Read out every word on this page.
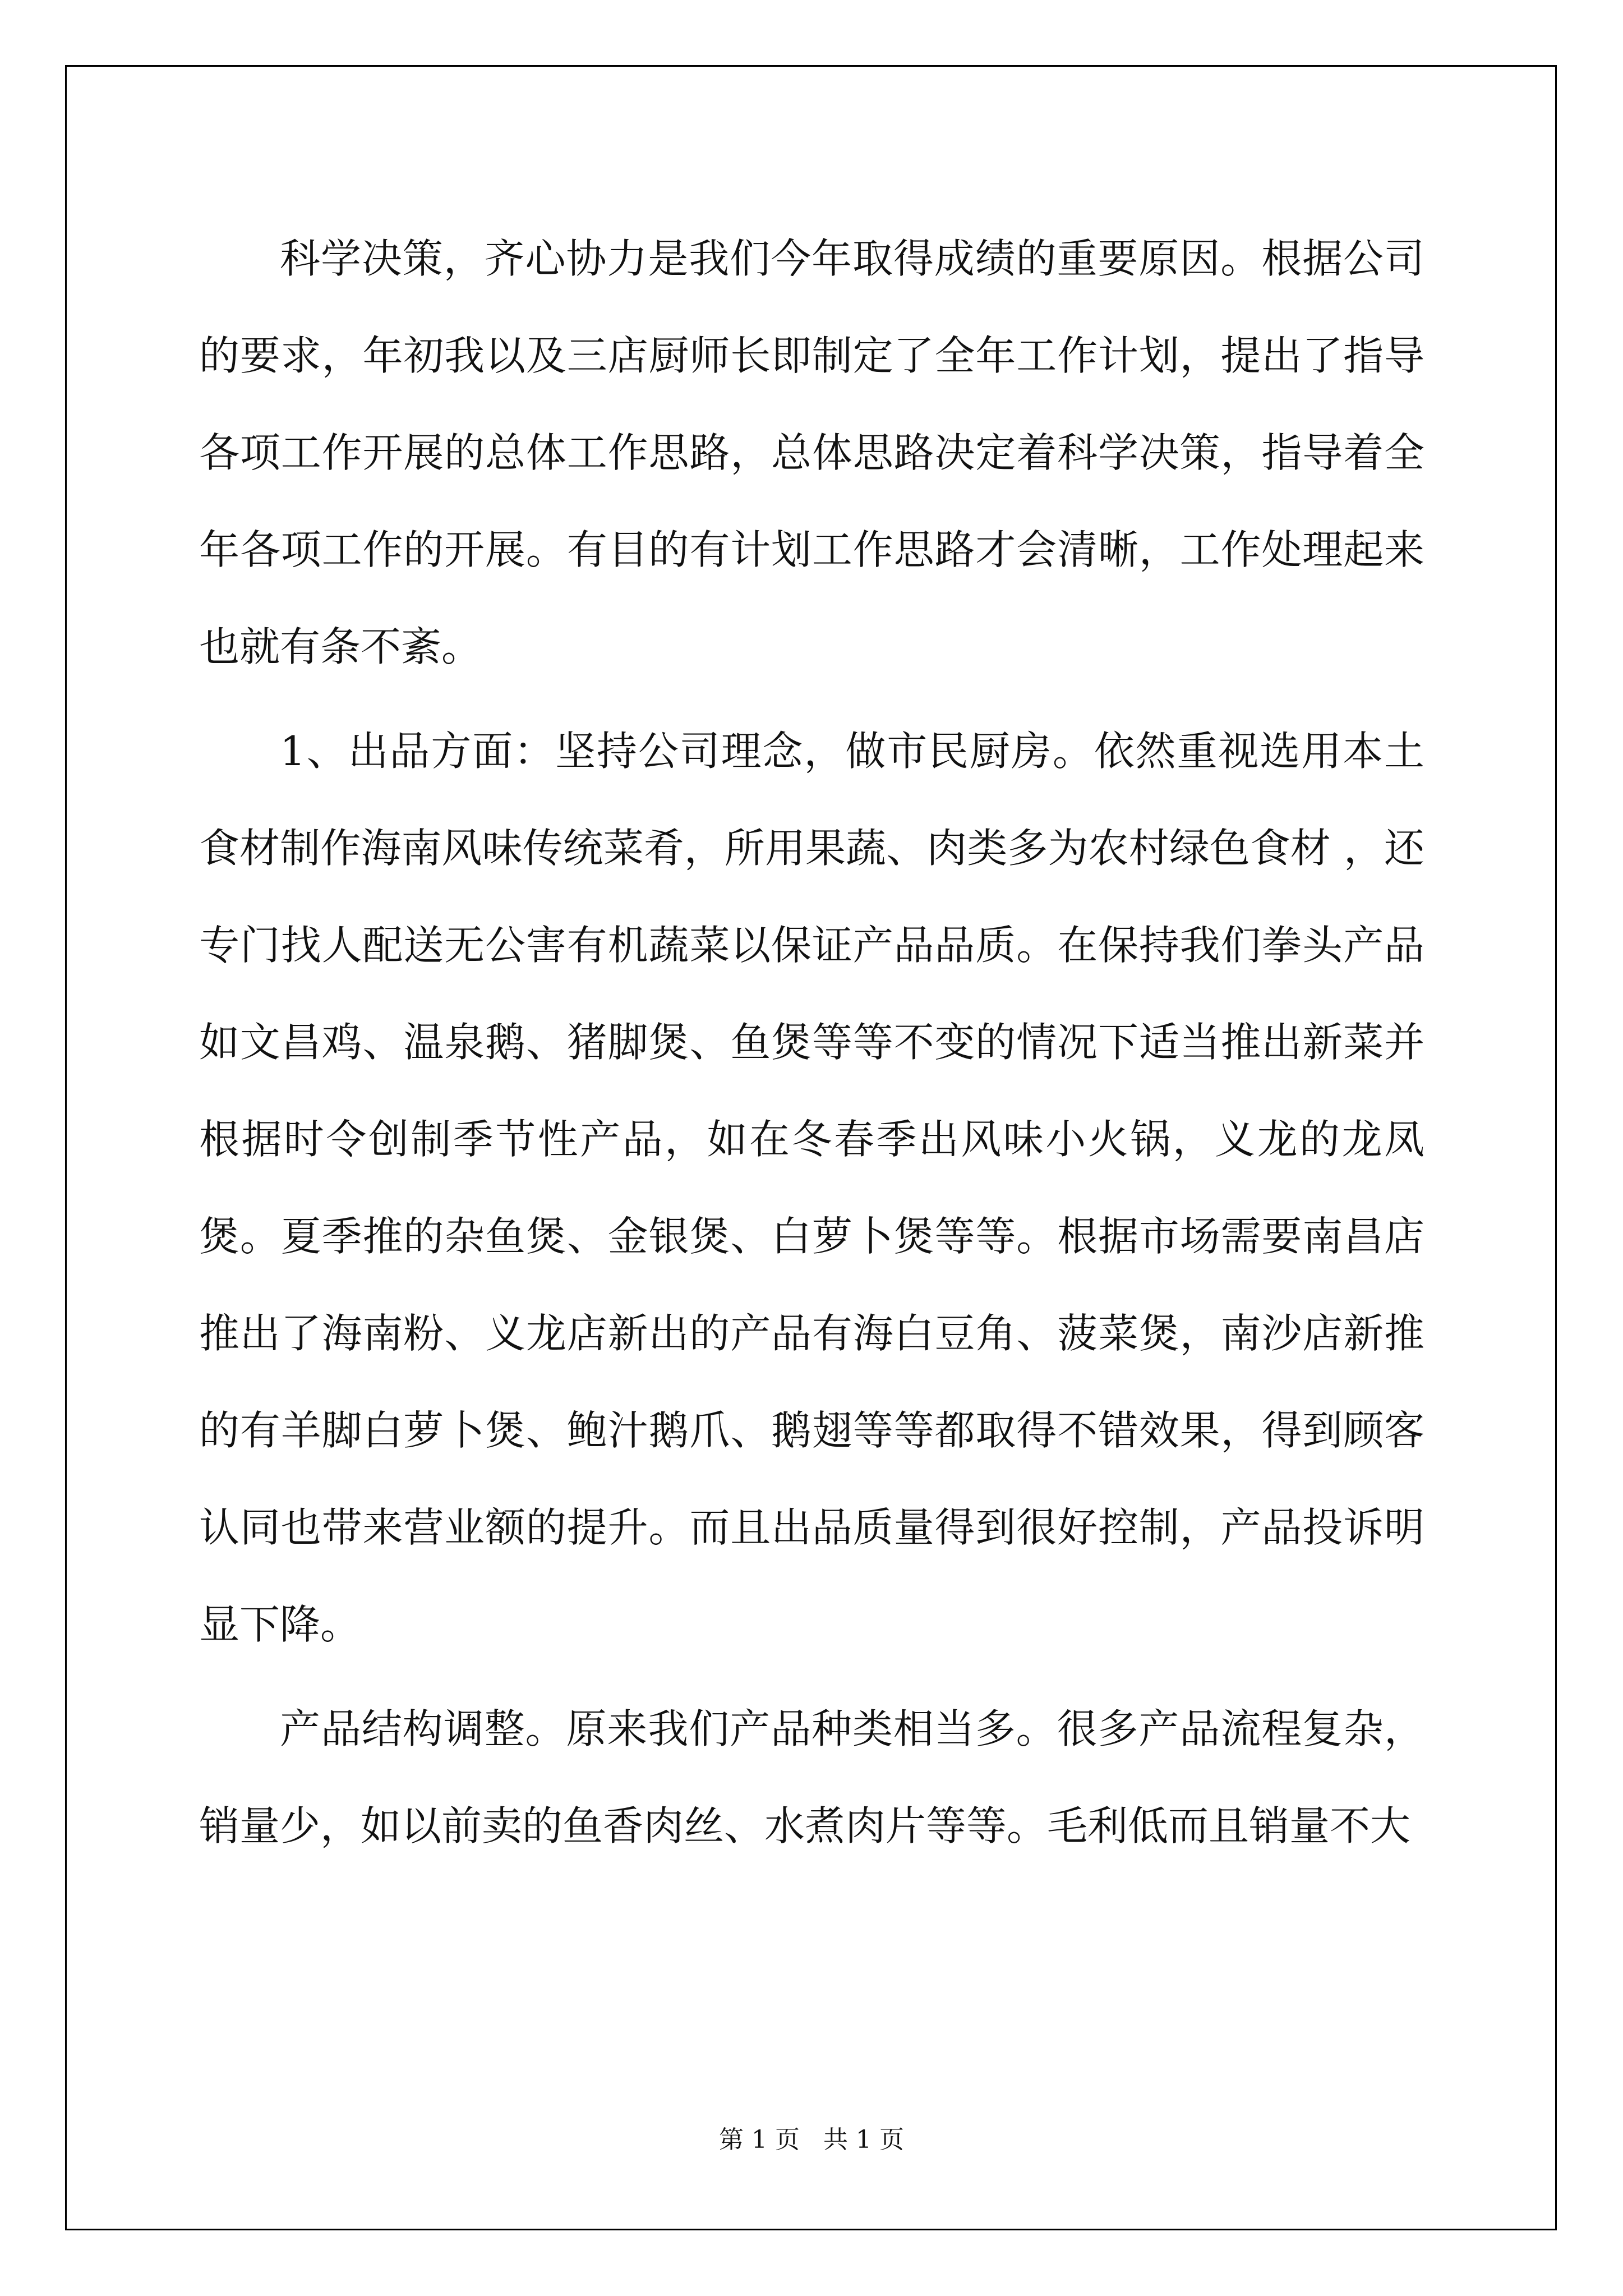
科学决策，齐心协力是我们今年取得成绩的重要原因。根据公司的要求，年初我以及三店厨师长即制定了全年工作计划，提出了指导各项工作开展的总体工作思路，总体思路决定着科学决策，指导着全年各项工作的开展。有目的有计划工作思路才会清晰，工作处理起来也就有条不紊。

1、出品方面：坚持公司理念，做市民厨房。依然重视选用本土食材制作海南风味传统菜肴，所用果蔬、肉类多为农村绿色食材 ，还专门找人配送无公害有机蔬菜以保证产品品质。在保持我们拳头产品如文昌鸡、温泉鹅、猪脚煲、鱼煲等等不变的情况下适当推出新菜并根据时令创制季节性产品，如在冬春季出风味小火锅，义龙的龙凤煲。夏季推的杂鱼煲、金银煲、白萝卜煲等等。根据市场需要南昌店推出了海南粉、义龙店新出的产品有海白豆角、菠菜煲，南沙店新推的有羊脚白萝卜煲、鲍汁鹅爪、鹅翅等等都取得不错效果，得到顾客认同也带来营业额的提升。而且出品质量得到很好控制，产品投诉明显下降。

产品结构调整。原来我们产品种类相当多。很多产品流程复杂，销量少，如以前卖的鱼香肉丝、水煮肉片等等。毛利低而且销量不大

第 1 页   共 1 页
